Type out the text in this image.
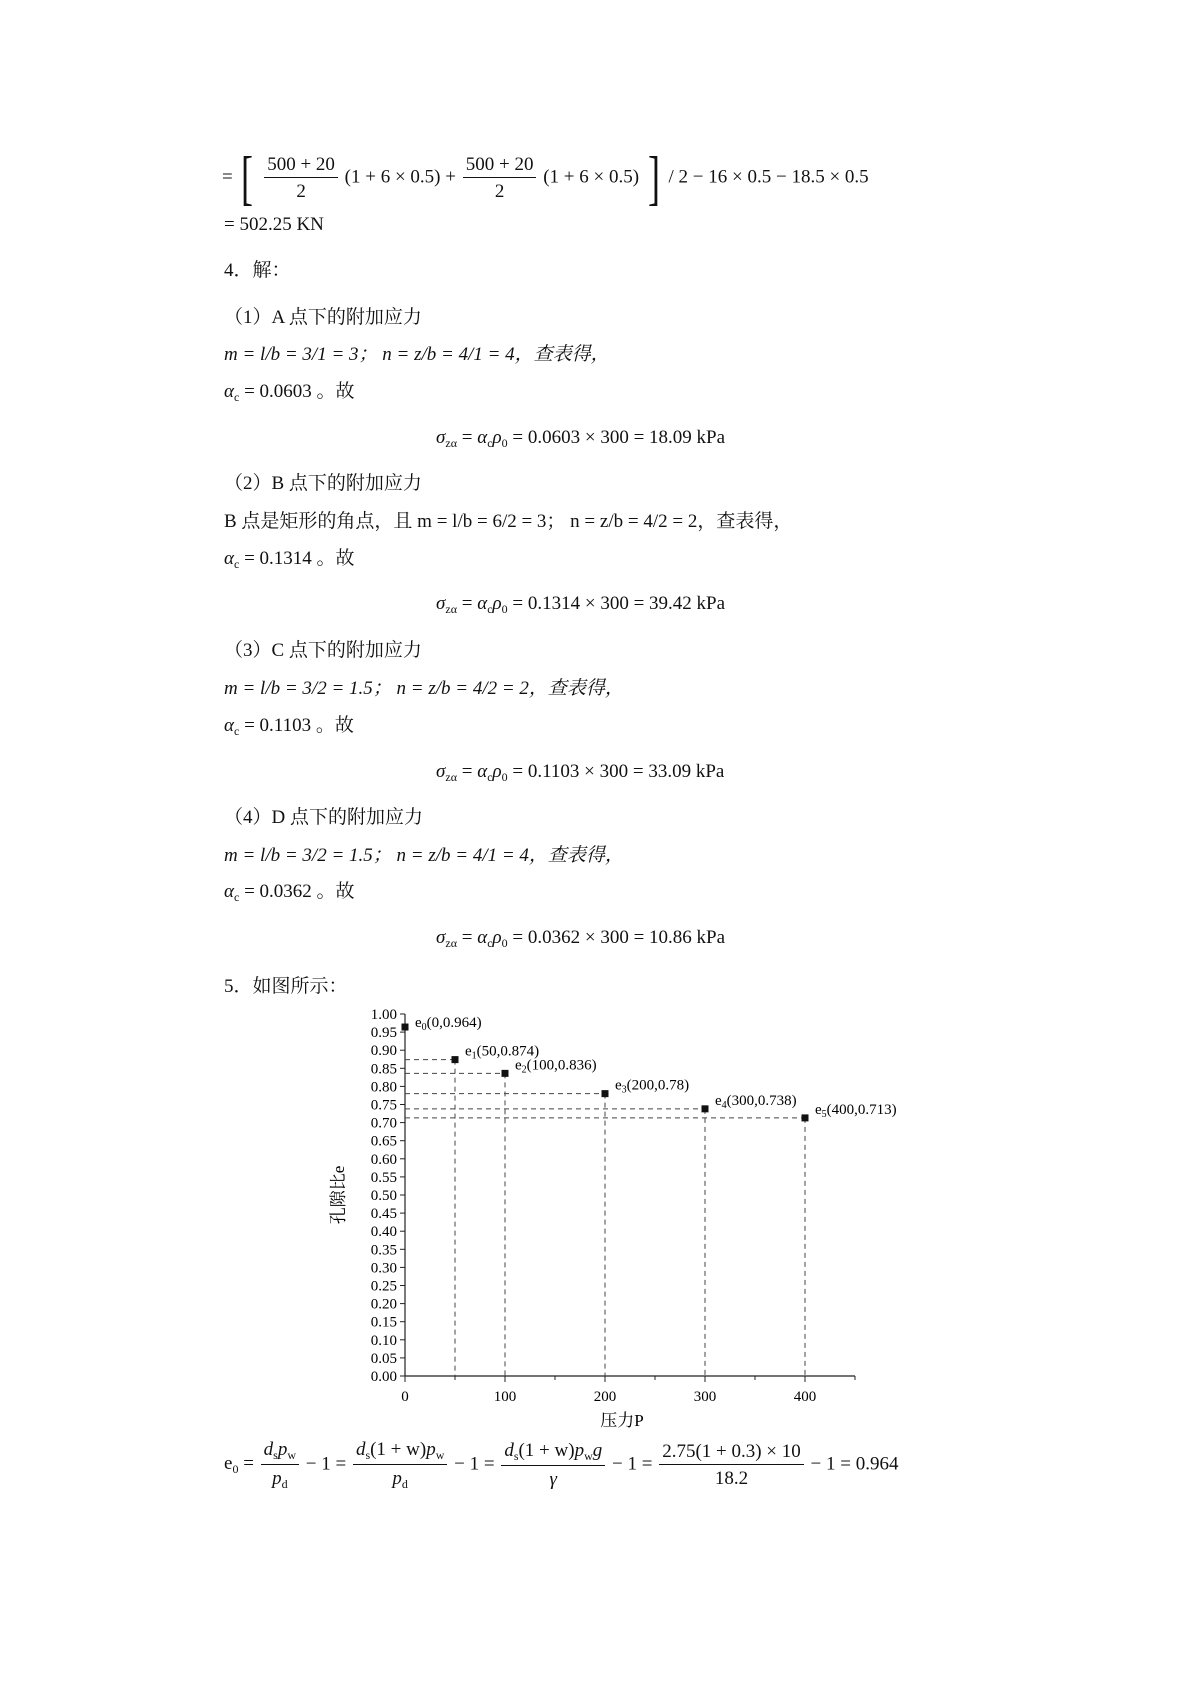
= [ $\frac{500 + 20}{2} (1 + 6 \times 0.5) + \frac{500 + 20}{2} (1 + 6 \times 0.5)$ ] / 2 − 16 × 0.5 − 18.5 × 0.5
= 502.25 KN
4．解：
（1）A 点下的附加应力
m = l/b = 3/1 = 3； n = z/b = 4/1 = 4，查表得，
$\alpha_c = 0.0603$ 。故
$\sigma_{z\alpha} = \alpha_c\rho_0 = 0.0603 \times 300 = 18.09$ kPa
（2）B 点下的附加应力
B 点是矩形的角点，且 m = l/b = 6/2 = 3； n = z/b = 4/2 = 2，查表得，
$\alpha_c = 0.1314$ 。故
$\sigma_{z\alpha} = \alpha_c\rho_0 = 0.1314 \times 300 = 39.42$ kPa
（3）C 点下的附加应力
m = l/b = 3/2 = 1.5； n = z/b = 4/2 = 2，查表得，
$\alpha_c = 0.1103$ 。故
$\sigma_{z\alpha} = \alpha_c\rho_0 = 0.1103 \times 300 = 33.09$ kPa
（4）D 点下的附加应力
m = l/b = 3/2 = 1.5； n = z/b = 4/1 = 4，查表得，
$\alpha_c = 0.0362$ 。故
$\sigma_{z\alpha} = \alpha_c\rho_0 = 0.0362 \times 300 = 10.86$ kPa
5．如图所示：
0.00
0.05
0.10
0.15
0.20
0.25
0.30
0.35
0.40
0.45
0.50
0.55
0.60
0.65
0.70
0.75
0.80
0.85
0.90
0.95
1.00
0	100	200	300	400
$e_0(0,0.964)$
$e_1(50,0.874)$
$e_2(100,0.836)$
$e_3(200,0.78)$
$e_4(300,0.738)$
$e_5(400,0.713)$
压力P
孔隙比e
$e_0 = \frac{d_sp_w}{p_d} - 1 = \frac{d_s(1 + w)p_w}{p_d} - 1 = \frac{d_s(1 + w)p_wg}{\gamma} - 1 = \frac{2.75(1 + 0.3) \times 10}{18.2} - 1 = 0.964$
